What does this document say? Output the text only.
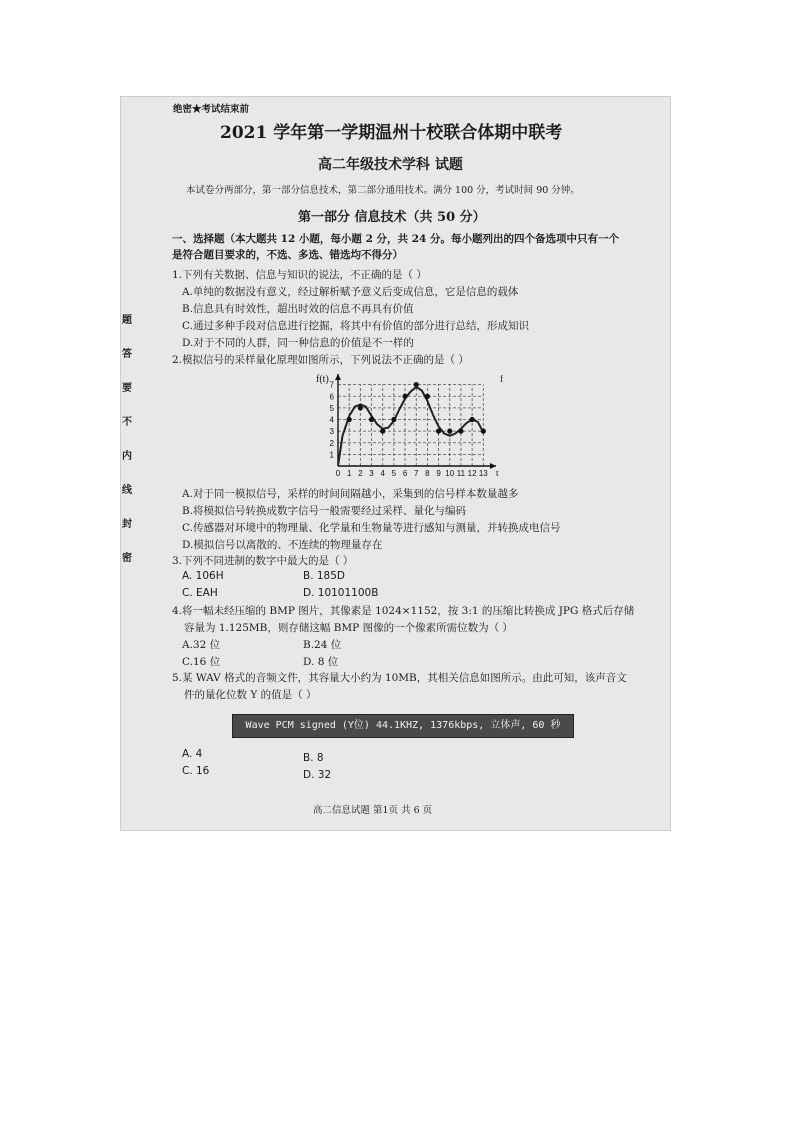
题
答
要
不
内
线
封
密
绝密★考试结束前
2021 学年第一学期温州十校联合体期中联考
高二年级技术学科 试题
本试卷分两部分，第一部分信息技术，第二部分通用技术。满分 100 分，考试时间 90 分钟。
第一部分 信息技术（共 50 分）
一、选择题（本大题共 12 小题，每小题 2 分，共 24 分。每小题列出的四个备选项中只有一个
是符合题目要求的，不选、多选、错选均不得分）
1.下列有关数据、信息与知识的说法，不正确的是（ ）
A.单纯的数据没有意义，经过解析赋予意义后变成信息，它是信息的载体
B.信息具有时效性，超出时效的信息不再具有价值
C.通过多种手段对信息进行挖掘，将其中有价值的部分进行总结，形成知识
D.对于不同的人群，同一种信息的价值是不一样的
2.模拟信号的采样量化原理如图所示，下列说法不正确的是（ ）
0 1 2 3 4 5 6 7 8 9 10 11 12 13
1
2
3
4
5
6
7
f(t)
t
f
A.对于同一模拟信号，采样的时间间隔越小，采集到的信号样本数量越多
B.将模拟信号转换成数字信号一般需要经过采样、量化与编码
C.传感器对环境中的物理量、化学量和生物量等进行感知与测量，并转换成电信号
D.模拟信号以离散的、不连续的物理量存在
3.下列不同进制的数字中最大的是（ ）
A. 106H	B. 185D
C. EAH	D. 10101100B
4.将一幅未经压缩的 BMP 图片，其像素是 1024×1152，按 3:1 的压缩比转换成 JPG 格式后存储
容量为 1.125MB，则存储这幅 BMP 图像的一个像素所需位数为（ ）
A.32 位	B.24 位
C.16 位	D. 8 位
5.某 WAV 格式的音频文件，其容量大小约为 10MB，其相关信息如图所示。由此可知，该声音文
件的量化位数 Y 的值是（ ）
Wave PCM signed (Y位) 44.1KHZ, 1376kbps, 立体声, 60 秒
A. 4	B. 8
C. 16	D. 32
高二信息试题 第1页 共 6 页
